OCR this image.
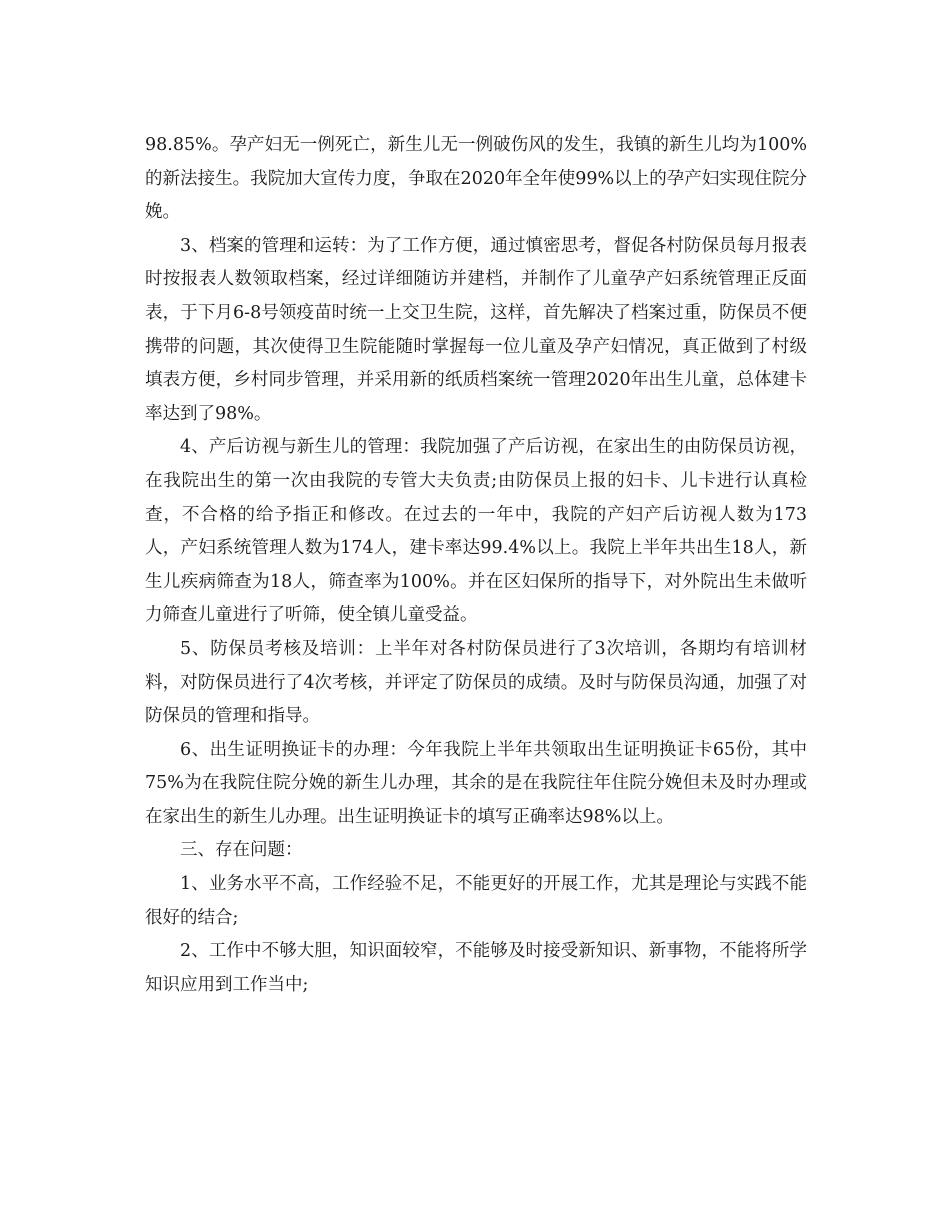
98.85%。孕产妇无一例死亡，新生儿无一例破伤风的发生，我镇的新生儿均为100%的新法接生。我院加大宣传力度，争取在2020年全年使99%以上的孕产妇实现住院分娩。

3、档案的管理和运转：为了工作方便，通过慎密思考，督促各村防保员每月报表时按报表人数领取档案，经过详细随访并建档，并制作了儿童孕产妇系统管理正反面表，于下月6-8号领疫苗时统一上交卫生院，这样，首先解决了档案过重，防保员不便携带的问题，其次使得卫生院能随时掌握每一位儿童及孕产妇情况，真正做到了村级填表方便，乡村同步管理，并采用新的纸质档案统一管理2020年出生儿童，总体建卡率达到了98%。

4、产后访视与新生儿的管理：我院加强了产后访视，在家出生的由防保员访视，在我院出生的第一次由我院的专管大夫负责;由防保员上报的妇卡、儿卡进行认真检查，不合格的给予指正和修改。在过去的一年中，我院的产妇产后访视人数为173人，产妇系统管理人数为174人，建卡率达99.4%以上。我院上半年共出生18人，新生儿疾病筛查为18人，筛查率为100%。并在区妇保所的指导下，对外院出生未做听力筛查儿童进行了听筛，使全镇儿童受益。

5、防保员考核及培训：上半年对各村防保员进行了3次培训，各期均有培训材料，对防保员进行了4次考核，并评定了防保员的成绩。及时与防保员沟通，加强了对防保员的管理和指导。

6、出生证明换证卡的办理：今年我院上半年共领取出生证明换证卡65份，其中75%为在我院住院分娩的新生儿办理，其余的是在我院往年住院分娩但未及时办理或在家出生的新生儿办理。出生证明换证卡的填写正确率达98%以上。

三、存在问题：

1、业务水平不高，工作经验不足，不能更好的开展工作，尤其是理论与实践不能很好的结合;

2、工作中不够大胆，知识面较窄，不能够及时接受新知识、新事物，不能将所学知识应用到工作当中;
